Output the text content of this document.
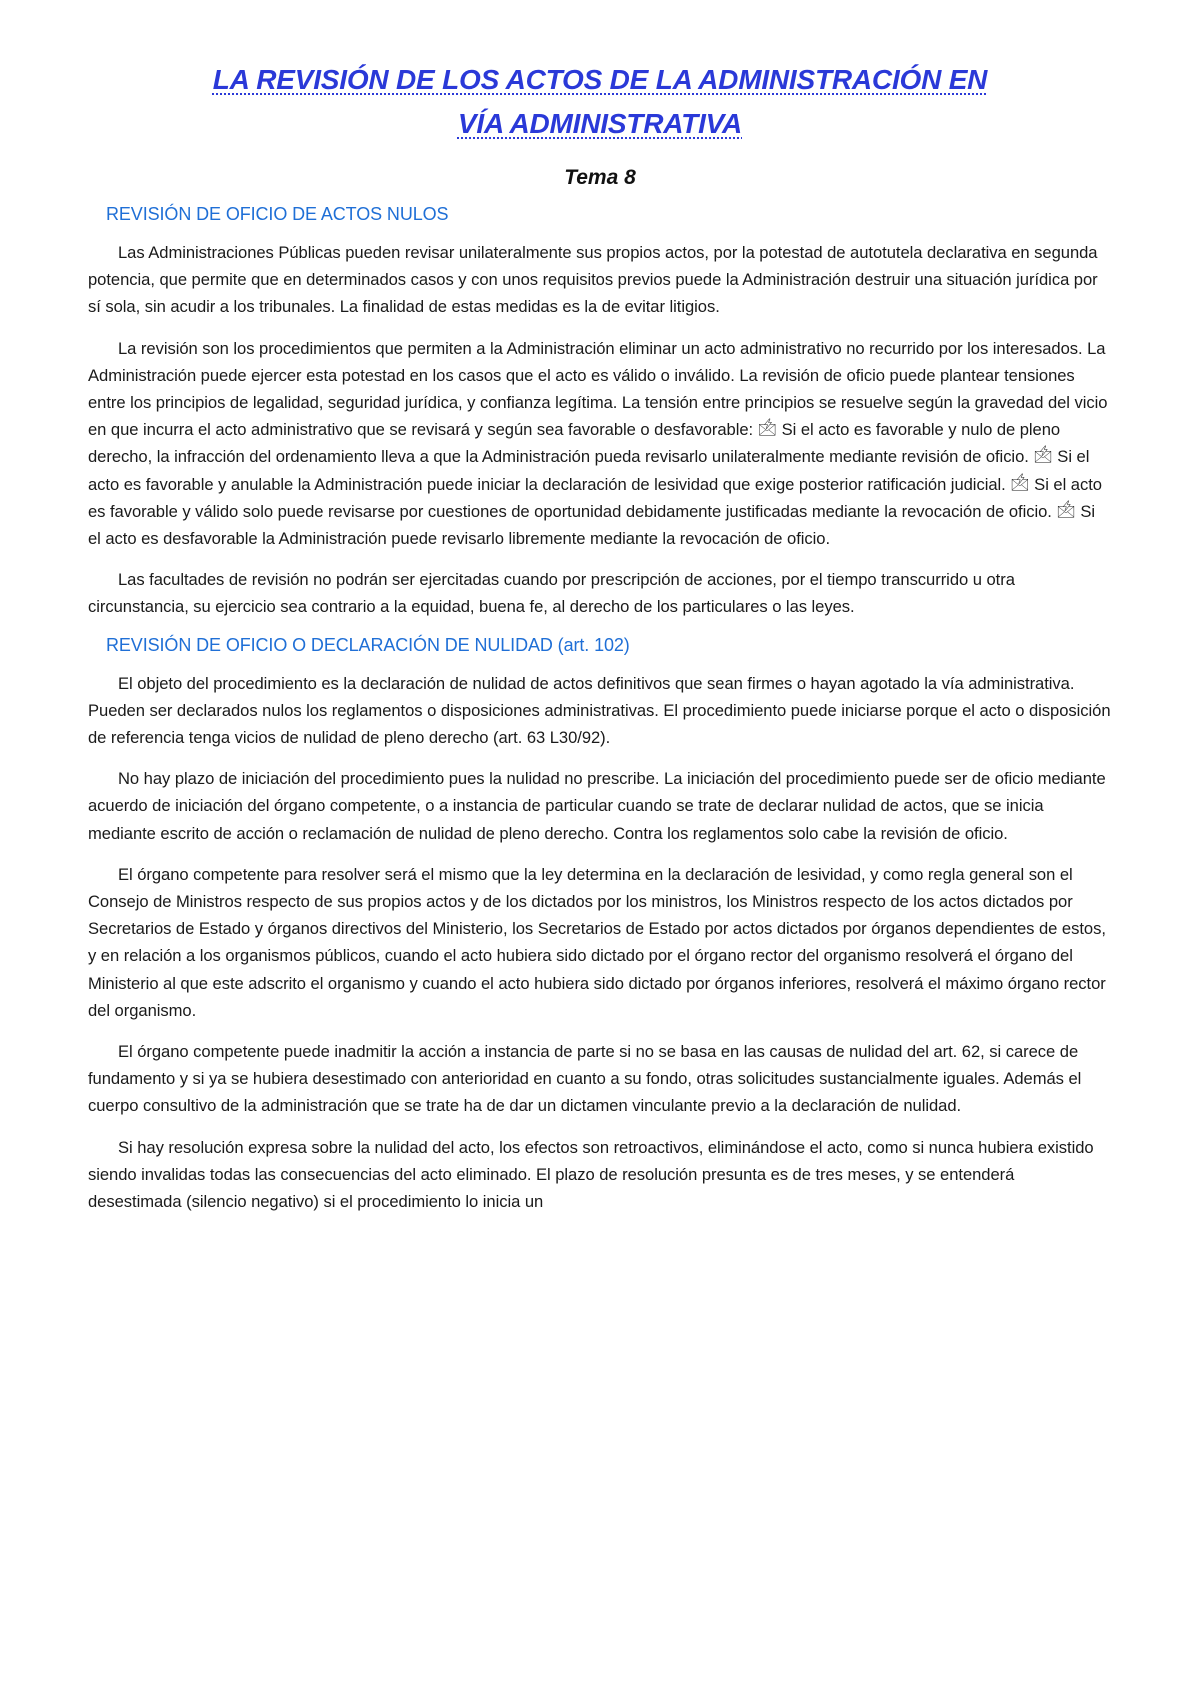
LA REVISIÓN DE LOS ACTOS DE LA ADMINISTRACIÓN EN
VÍA ADMINISTRATIVA
Tema 8
REVISIÓN DE OFICIO DE ACTOS NULOS

Las Administraciones Públicas pueden revisar unilateralmente sus propios actos, por la potestad de autotutela declarativa en segunda potencia, que permite que en determinados casos y con unos requisitos previos puede la Administración destruir una situación jurídica por sí sola, sin acudir a los tribunales. La finalidad de estas medidas es la de evitar litigios.

La revisión son los procedimientos que permiten a la Administración eliminar un acto administrativo no recurrido por los interesados. La Administración puede ejercer esta potestad en los casos que el acto es válido o inválido. La revisión de oficio puede plantear tensiones entre los principios de legalidad, seguridad jurídica, y confianza legítima. La tensión entre principios se resuelve según la gravedad del vicio en que incurra el acto administrativo que se revisará y según sea favorable o desfavorable: 🖄 Si el acto es favorable y nulo de pleno derecho, la infracción del ordenamiento lleva a que la Administración pueda revisarlo unilateralmente mediante revisión de oficio. 🖄 Si el acto es favorable y anulable la Administración puede iniciar la declaración de lesividad que exige posterior ratificación judicial. 🖄 Si el acto es favorable y válido solo puede revisarse por cuestiones de oportunidad debidamente justificadas mediante la revocación de oficio. 🖄 Si el acto es desfavorable la Administración puede revisarlo libremente mediante la revocación de oficio.

Las facultades de revisión no podrán ser ejercitadas cuando por prescripción de acciones, por el tiempo transcurrido u otra circunstancia, su ejercicio sea contrario a la equidad, buena fe, al derecho de los particulares o las leyes.

REVISIÓN DE OFICIO O DECLARACIÓN DE NULIDAD (art. 102)

El objeto del procedimiento es la declaración de nulidad de actos definitivos que sean firmes o hayan agotado la vía administrativa. Pueden ser declarados nulos los reglamentos o disposiciones administrativas. El procedimiento puede iniciarse porque el acto o disposición de referencia tenga vicios de nulidad de pleno derecho (art. 63 L30/92).

No hay plazo de iniciación del procedimiento pues la nulidad no prescribe. La iniciación del procedimiento puede ser de oficio mediante acuerdo de iniciación del órgano competente, o a instancia de particular cuando se trate de declarar nulidad de actos, que se inicia mediante escrito de acción o reclamación de nulidad de pleno derecho. Contra los reglamentos solo cabe la revisión de oficio.

El órgano competente para resolver será el mismo que la ley determina en la declaración de lesividad, y como regla general son el Consejo de Ministros respecto de sus propios actos y de los dictados por los ministros, los Ministros respecto de los actos dictados por Secretarios de Estado y órganos directivos del Ministerio, los Secretarios de Estado por actos dictados por órganos dependientes de estos, y en relación a los organismos públicos, cuando el acto hubiera sido dictado por el órgano rector del organismo resolverá el órgano del Ministerio al que este adscrito el organismo y cuando el acto hubiera sido dictado por órganos inferiores, resolverá el máximo órgano rector del organismo.

El órgano competente puede inadmitir la acción a instancia de parte si no se basa en las causas de nulidad del art. 62, si carece de fundamento y si ya se hubiera desestimado con anterioridad en cuanto a su fondo, otras solicitudes sustancialmente iguales. Además el cuerpo consultivo de la administración que se trate ha de dar un dictamen vinculante previo a la declaración de nulidad.

Si hay resolución expresa sobre la nulidad del acto, los efectos son retroactivos, eliminándose el acto, como si nunca hubiera existido siendo invalidas todas las consecuencias del acto eliminado. El plazo de resolución presunta es de tres meses, y se entenderá desestimada (silencio negativo) si el procedimiento lo inicia un
